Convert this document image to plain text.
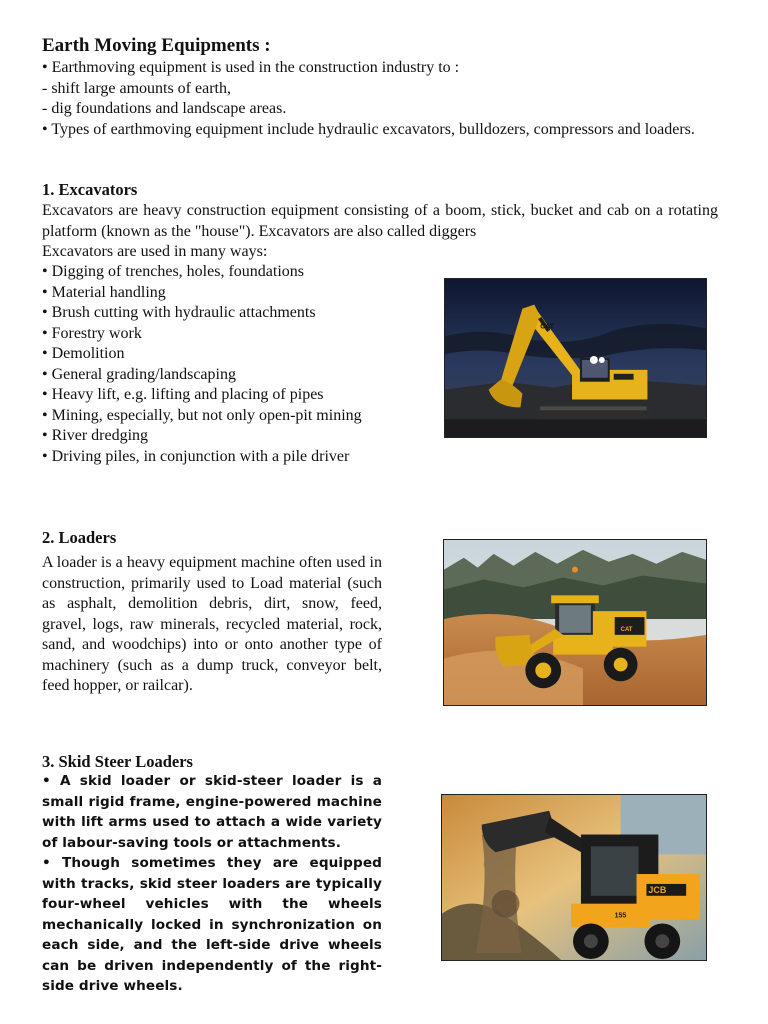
Earth Moving Equipments :

• Earthmoving equipment is used in the construction industry to :

- shift large amounts of earth,

- dig foundations and landscape areas.

• Types of earthmoving equipment include hydraulic excavators, bulldozers, compressors and loaders.

1. Excavators

Excavators are heavy construction equipment consisting of a boom, stick, bucket and cab on a rotating platform (known as the "house"). Excavators are also called diggers

Excavators are used in many ways:

• Digging of trenches, holes, foundations
• Material handling
• Brush cutting with hydraulic attachments
• Forestry work
• Demolition
• General grading/landscaping
• Heavy lift, e.g. lifting and placing of pipes
• Mining, especially, but not only open-pit mining
• River dredging
• Driving piles, in conjunction with a pile driver
CAT
2. Loaders

A loader is a heavy equipment machine often used in construction, primarily used to Load material (such as asphalt, demolition debris, dirt, snow, feed, gravel, logs, raw minerals, recycled material, rock, sand, and woodchips) into or onto another type of machinery (such as a dump truck, conveyor belt, feed hopper, or railcar).

CAT
3. Skid Steer Loaders

• A skid loader or skid-steer loader is a small rigid frame, engine-powered machine with lift arms used to attach a wide variety of labour-saving tools or attachments.

• Though sometimes they are equipped with tracks, skid steer loaders are typically four-wheel vehicles with the wheels mechanically locked in synchronization on each side, and the left-side drive wheels can be driven independently of the right-side drive wheels.

JCB
155
